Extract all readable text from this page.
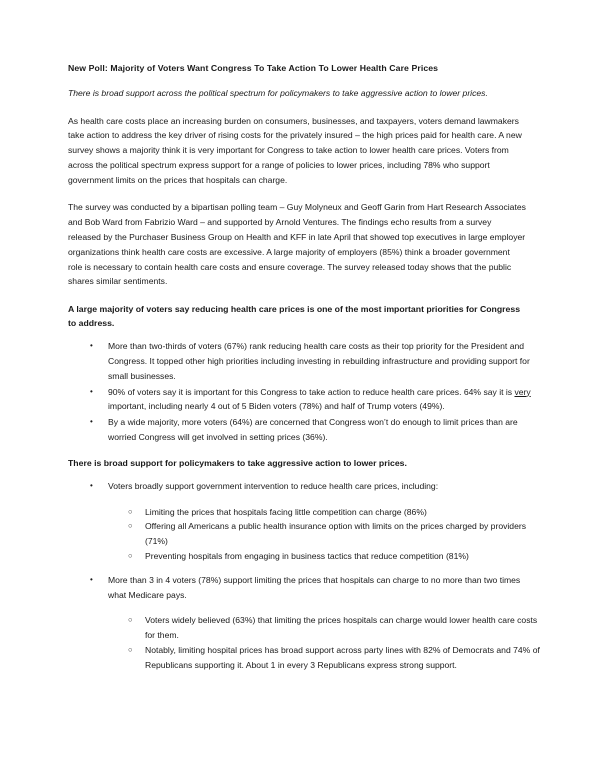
New Poll: Majority of Voters Want Congress To Take Action To Lower Health Care Prices
There is broad support across the political spectrum for policymakers to take aggressive action to lower prices.

As health care costs place an increasing burden on consumers, businesses, and taxpayers, voters demand lawmakers take action to address the key driver of rising costs for the privately insured – the high prices paid for health care. A new survey shows a majority think it is very important for Congress to take action to lower health care prices. Voters from across the political spectrum express support for a range of policies to lower prices, including 78% who support government limits on the prices that hospitals can charge.

The survey was conducted by a bipartisan polling team – Guy Molyneux and Geoff Garin from Hart Research Associates and Bob Ward from Fabrizio Ward – and supported by Arnold Ventures. The findings echo results from a survey released by the Purchaser Business Group on Health and KFF in late April that showed top executives in large employer organizations think health care costs are excessive. A large majority of employers (85%) think a broader government role is necessary to contain health care costs and ensure coverage. The survey released today shows that the public shares similar sentiments.

A large majority of voters say reducing health care prices is one of the most important priorities for Congress to address.
• More than two-thirds of voters (67%) rank reducing health care costs as their top priority for the President and Congress. It topped other high priorities including investing in rebuilding infrastructure and providing support for small businesses.
• 90% of voters say it is important for this Congress to take action to reduce health care prices. 64% say it is very important, including nearly 4 out of 5 Biden voters (78%) and half of Trump voters (49%).
• By a wide majority, more voters (64%) are concerned that Congress won’t do enough to limit prices than are worried Congress will get involved in setting prices (36%).
There is broad support for policymakers to take aggressive action to lower prices.
• Voters broadly support government intervention to reduce health care prices, including:
○ Limiting the prices that hospitals facing little competition can charge (86%)
○ Offering all Americans a public health insurance option with limits on the prices charged by providers (71%)
○ Preventing hospitals from engaging in business tactics that reduce competition (81%)
• More than 3 in 4 voters (78%) support limiting the prices that hospitals can charge to no more than two times what Medicare pays.
○ Voters widely believed (63%) that limiting the prices hospitals can charge would lower health care costs for them.
○ Notably, limiting hospital prices has broad support across party lines with 82% of Democrats and 74% of Republicans supporting it. About 1 in every 3 Republicans express strong support.
